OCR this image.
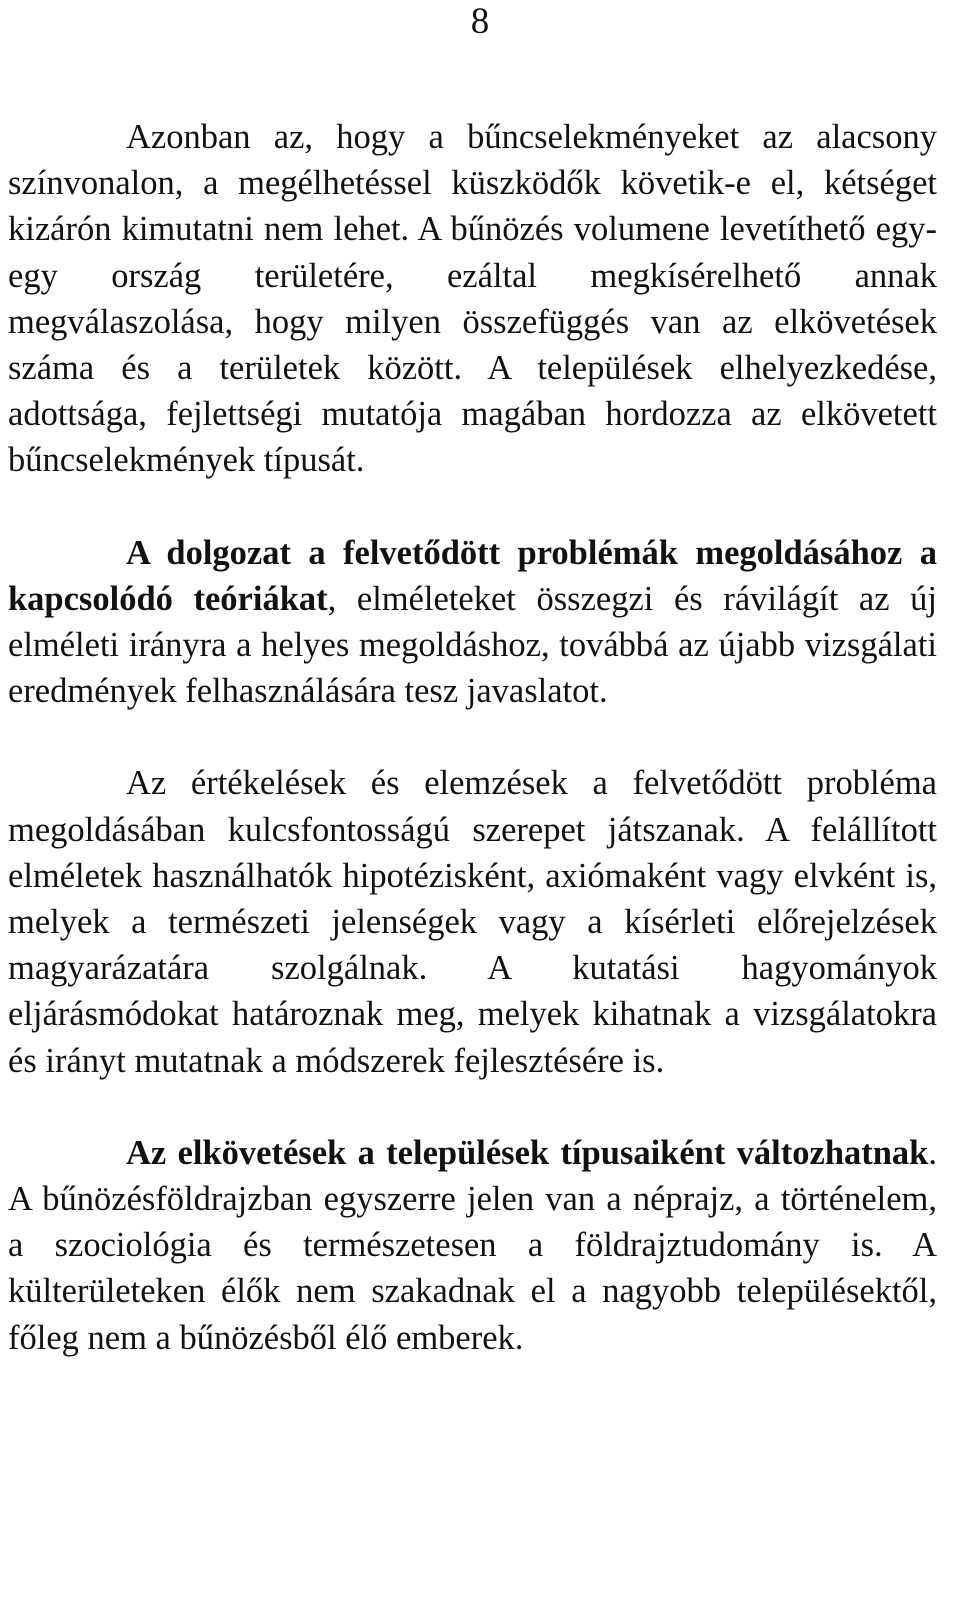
8

Azonban az, hogy a bűncselekményeket az alacsony színvonalon, a megélhetéssel küszködők követik-e el, kétséget kizárón kimutatni nem lehet. A bűnözés volumene levetíthető egy-egy ország területére, ezáltal megkísérelhető annak megválaszolása, hogy milyen összefüggés van az elkövetések száma és a területek között. A települések elhelyezkedése, adottsága, fejlettségi mutatója magában hordozza az elkövetett bűncselekmények típusát.

A dolgozat a felvetődött problémák megoldásához a kapcsolódó teóriákat, elméleteket összegzi és rávilágít az új elméleti irányra a helyes megoldáshoz, továbbá az újabb vizsgálati eredmények felhasználására tesz javaslatot.

Az értékelések és elemzések a felvetődött probléma megoldásában kulcsfontosságú szerepet játszanak. A felállított elméletek használhatók hipotézisként, axiómaként vagy elvként is, melyek a természeti jelenségek vagy a kísérleti előrejelzések magyarázatára szolgálnak. A kutatási hagyományok eljárásmódokat határoznak meg, melyek kihatnak a vizsgálatokra és irányt mutatnak a módszerek fejlesztésére is.

Az elkövetések a települések típusaiként változhatnak. A bűnözésföldrajzban egyszerre jelen van a néprajz, a történelem, a szociológia és természetesen a földrajztudomány is. A külterületeken élők nem szakadnak el a nagyobb településektől, főleg nem a bűnözésből élő emberek.
